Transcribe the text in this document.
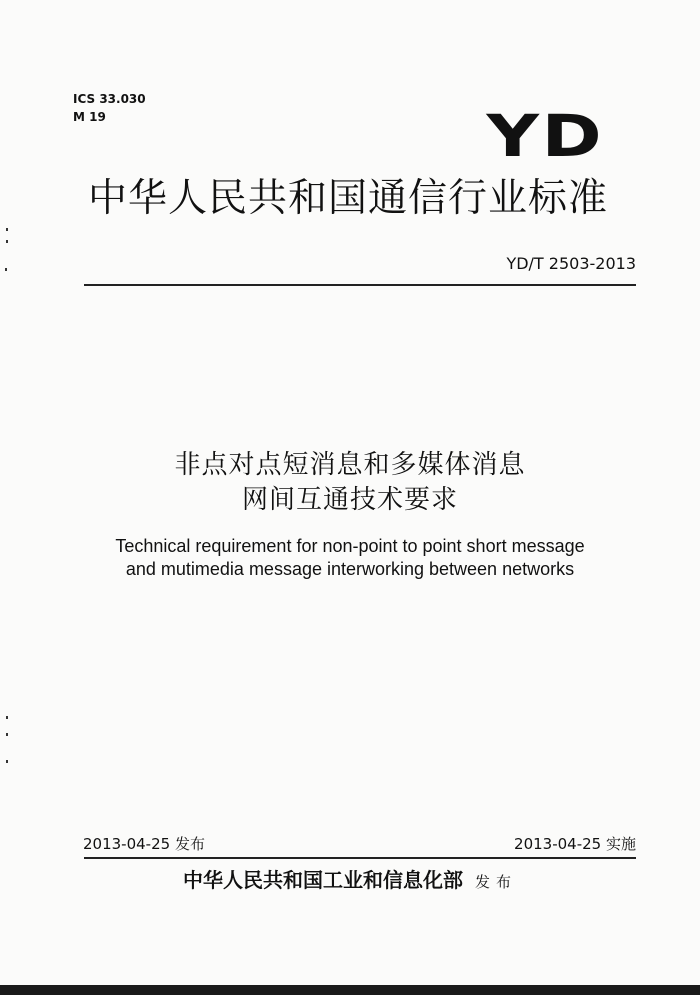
ICS 33.030
M 19	YD
中华人民共和国通信行业标准
YD/T 2503-2013
非点对点短消息和多媒体消息
网间互通技术要求
Technical requirement for non-point to point short message
and mutimedia message interworking between networks
2013-04-25 发布	2013-04-25 实施
中华人民共和国工业和信息化部 发布
